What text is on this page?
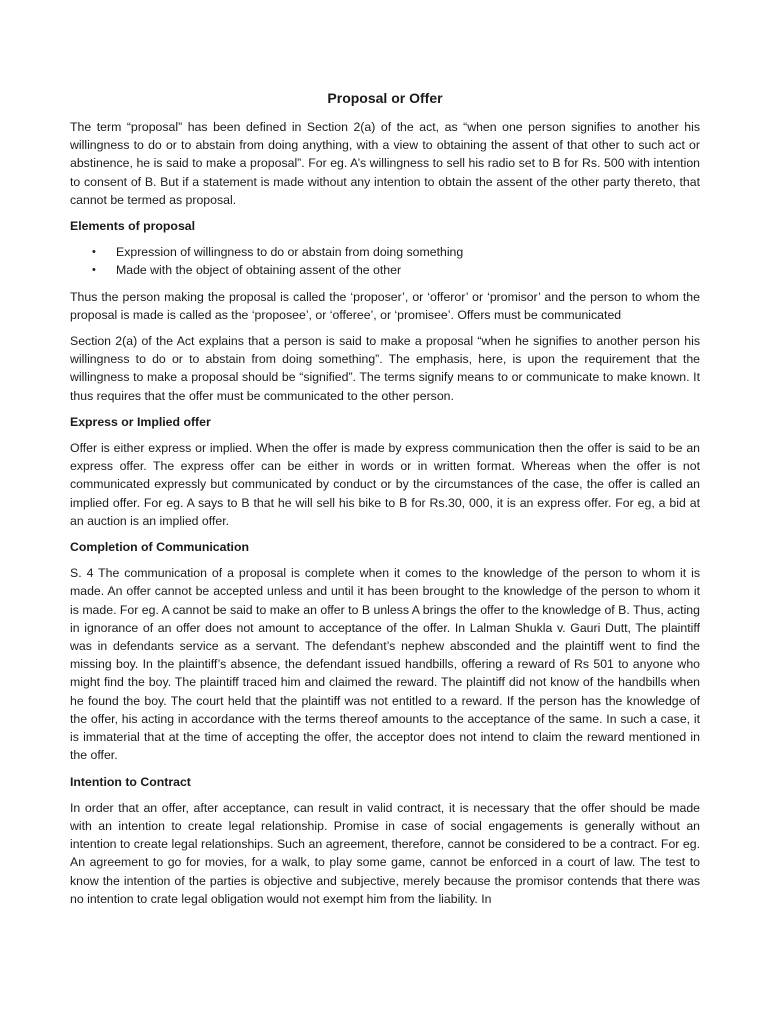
Proposal or Offer

The term “proposal” has been defined in Section 2(a) of the act, as “when one person signifies to another his willingness to do or to abstain from doing anything, with a view to obtaining the assent of that other to such act or abstinence, he is said to make a proposal”. For eg. A’s willingness to sell his radio set to B for Rs. 500 with intention to consent of B. But if a statement is made without any intention to obtain the assent of the other party thereto, that cannot be termed as proposal.

Elements of proposal
• Expression of willingness to do or abstain from doing something
• Made with the object of obtaining assent of the other

Thus the person making the proposal is called the ‘proposer’, or ‘offeror’ or ‘promisor’ and the person to whom the proposal is made is called as the ‘proposee’, or ‘offeree’, or ‘promisee’. Offers must be communicated

Section 2(a) of the Act explains that a person is said to make a proposal “when he signifies to another person his willingness to do or to abstain from doing something”. The emphasis, here, is upon the requirement that the willingness to make a proposal should be “signified”. The terms signify means to or communicate to make known. It thus requires that the offer must be communicated to the other person.

Express or Implied offer

Offer is either express or implied. When the offer is made by express communication then the offer is said to be an express offer. The express offer can be either in words or in written format. Whereas when the offer is not communicated expressly but communicated by conduct or by the circumstances of the case, the offer is called an implied offer. For eg. A says to B that he will sell his bike to B for Rs.30, 000, it is an express offer. For eg, a bid at an auction is an implied offer.

Completion of Communication

S. 4 The communication of a proposal is complete when it comes to the knowledge of the person to whom it is made. An offer cannot be accepted unless and until it has been brought to the knowledge of the person to whom it is made. For eg. A cannot be said to make an offer to B unless A brings the offer to the knowledge of B. Thus, acting in ignorance of an offer does not amount to acceptance of the offer. In Lalman Shukla v. Gauri Dutt, The plaintiff was in defendants service as a servant. The defendant’s nephew absconded and the plaintiff went to find the missing boy. In the plaintiff’s absence, the defendant issued handbills, offering a reward of Rs 501 to anyone who might find the boy. The plaintiff traced him and claimed the reward. The plaintiff did not know of the handbills when he found the boy. The court held that the plaintiff was not entitled to a reward. If the person has the knowledge of the offer, his acting in accordance with the terms thereof amounts to the acceptance of the same. In such a case, it is immaterial that at the time of accepting the offer, the acceptor does not intend to claim the reward mentioned in the offer.

Intention to Contract

In order that an offer, after acceptance, can result in valid contract, it is necessary that the offer should be made with an intention to create legal relationship. Promise in case of social engagements is generally without an intention to create legal relationships. Such an agreement, therefore, cannot be considered to be a contract. For eg. An agreement to go for movies, for a walk, to play some game, cannot be enforced in a court of law. The test to know the intention of the parties is objective and subjective, merely because the promisor contends that there was no intention to crate legal obligation would not exempt him from the liability. In
